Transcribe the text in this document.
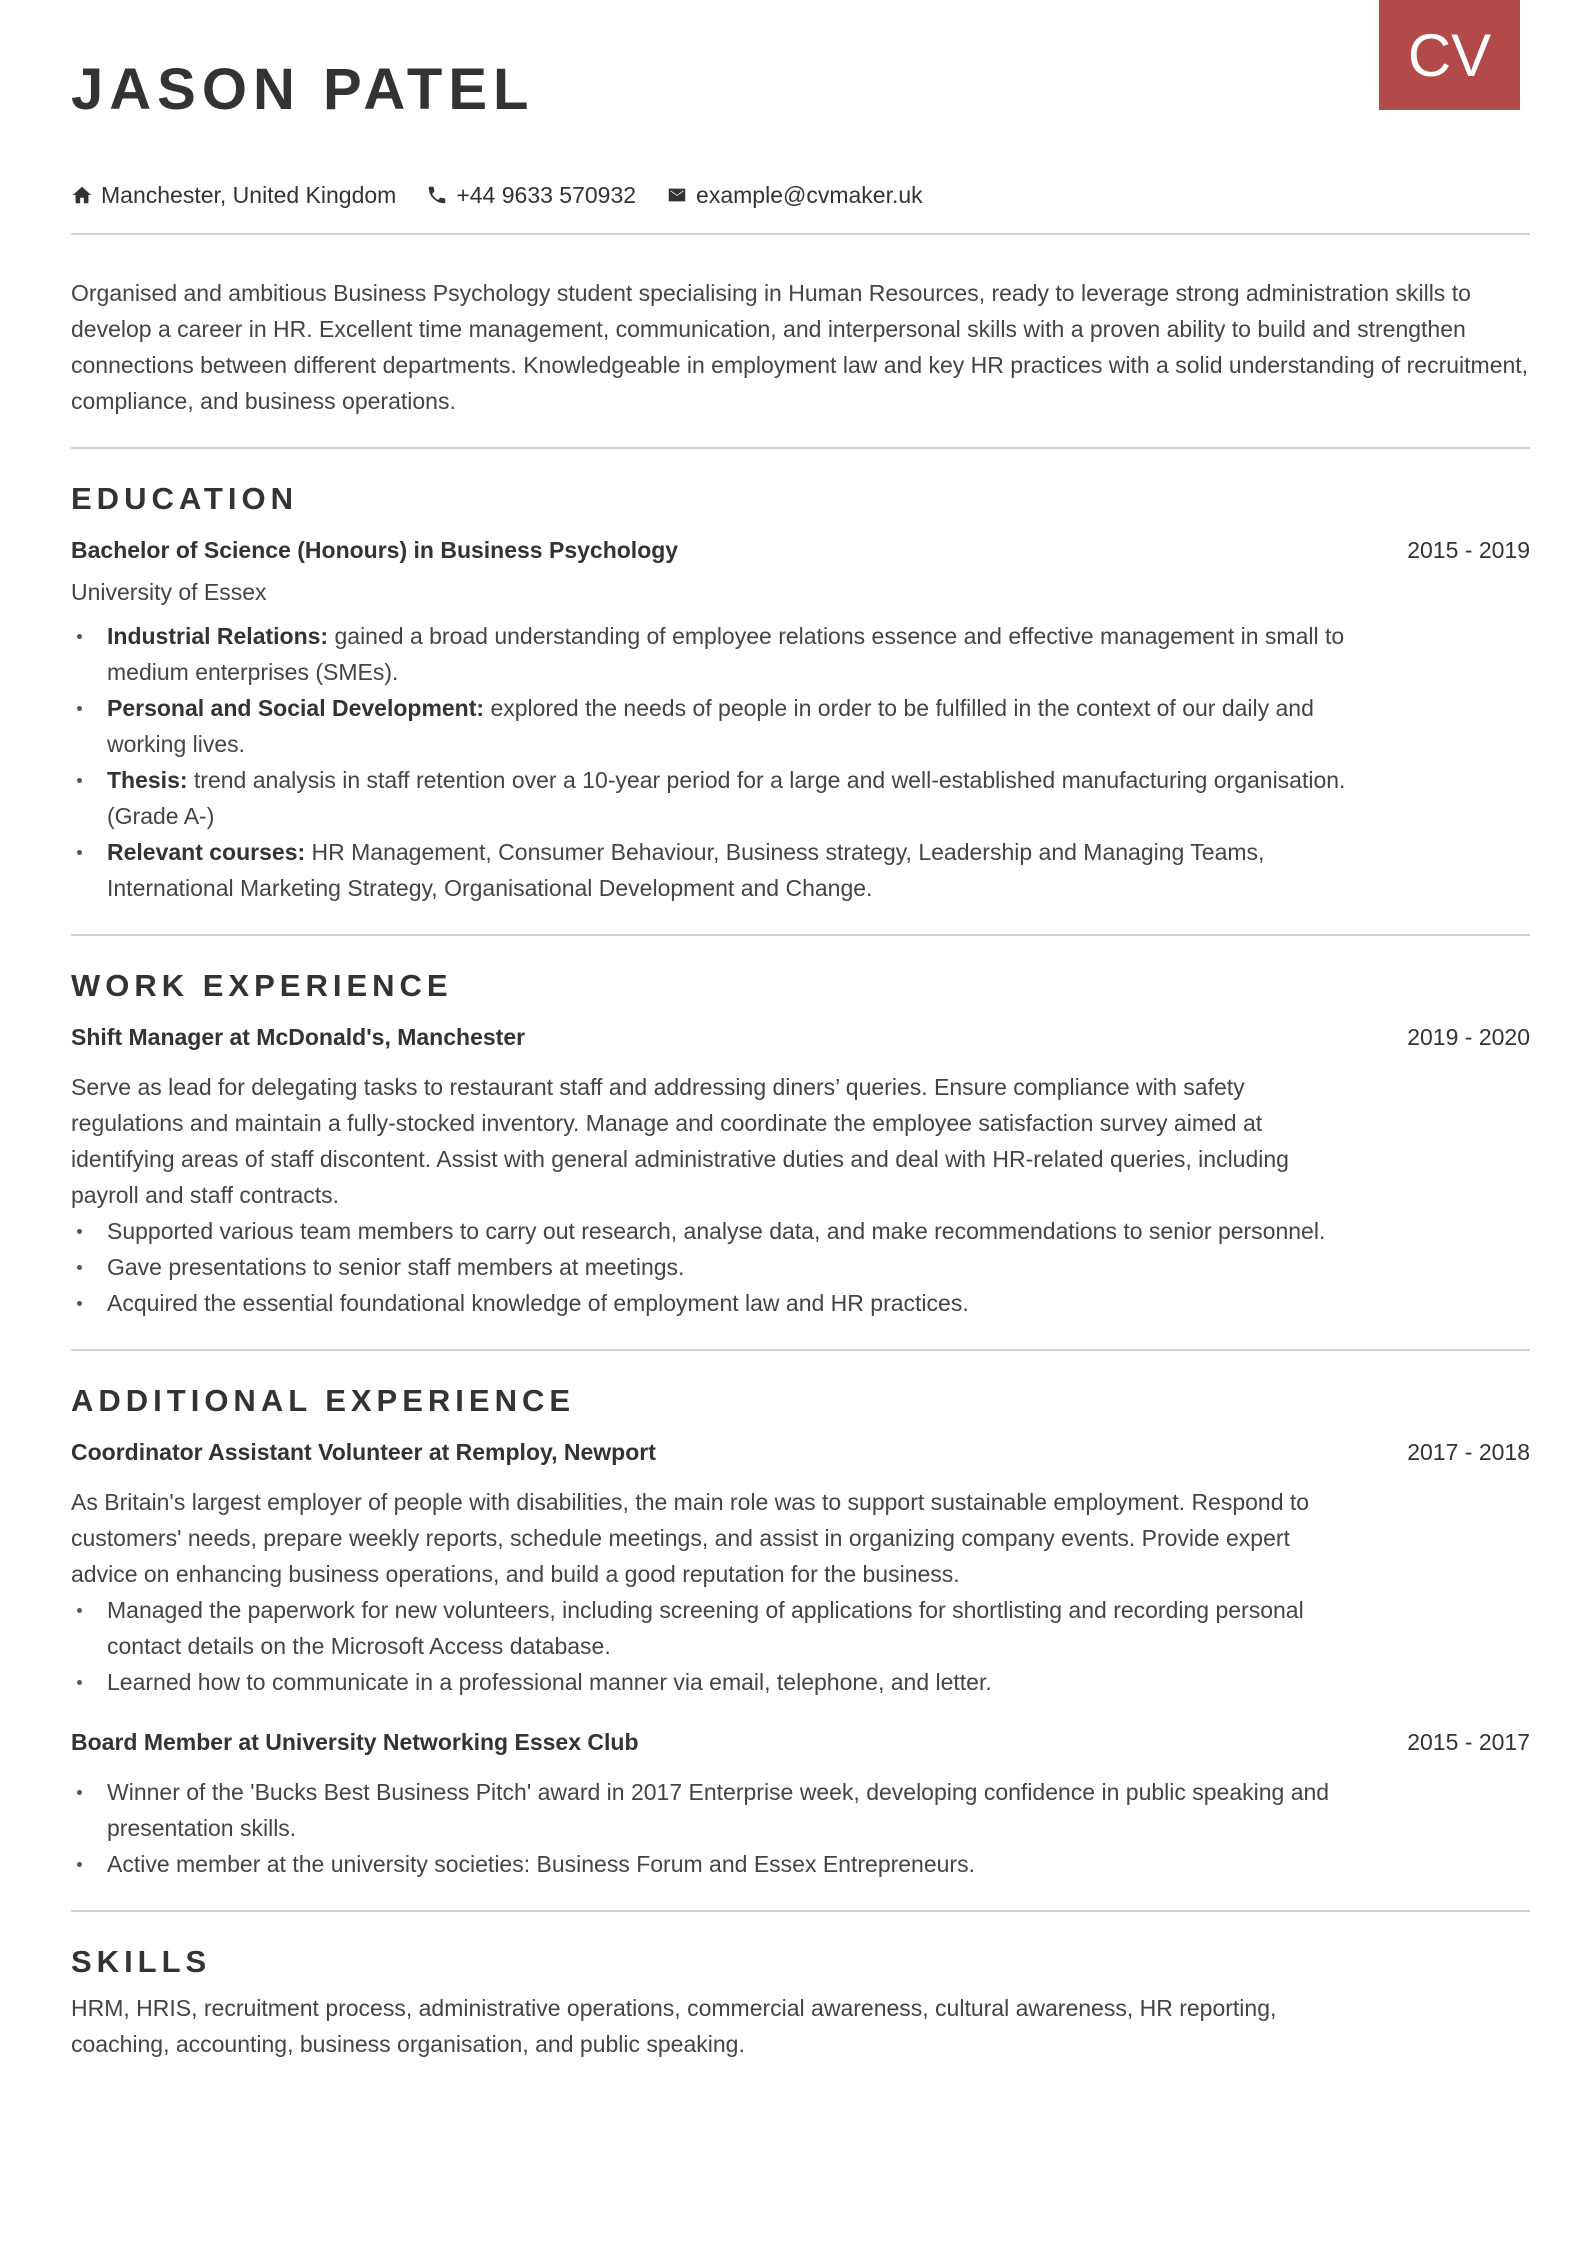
CV
JASON PATEL
Manchester, United Kingdom	+44 9633 570932	example@cvmaker.uk

Organised and ambitious Business Psychology student specialising in Human Resources, ready to leverage strong administration skills to develop a career in HR. Excellent time management, communication, and interpersonal skills with a proven ability to build and strengthen connections between different departments. Knowledgeable in employment law and key HR practices with a solid understanding of recruitment, compliance, and business operations.

EDUCATION
Bachelor of Science (Honours) in Business Psychology	2015 - 2019
University of Essex
Industrial Relations: gained a broad understanding of employee relations essence and effective management in small to medium enterprises (SMEs).
Personal and Social Development: explored the needs of people in order to be fulfilled in the context of our daily and working lives.
Thesis: trend analysis in staff retention over a 10-year period for a large and well-established manufacturing organisation. (Grade A-)
Relevant courses: HR Management, Consumer Behaviour, Business strategy, Leadership and Managing Teams, International Marketing Strategy, Organisational Development and Change.
WORK EXPERIENCE
Shift Manager at McDonald's, Manchester	2019 - 2020
Serve as lead for delegating tasks to restaurant staff and addressing diners’ queries. Ensure compliance with safety regulations and maintain a fully-stocked inventory. Manage and coordinate the employee satisfaction survey aimed at identifying areas of staff discontent. Assist with general administrative duties and deal with HR-related queries, including payroll and staff contracts.
Supported various team members to carry out research, analyse data, and make recommendations to senior personnel.
Gave presentations to senior staff members at meetings.
Acquired the essential foundational knowledge of employment law and HR practices.
ADDITIONAL EXPERIENCE
Coordinator Assistant Volunteer at Remploy, Newport	2017 - 2018
As Britain's largest employer of people with disabilities, the main role was to support sustainable employment. Respond to customers' needs, prepare weekly reports, schedule meetings, and assist in organizing company events. Provide expert advice on enhancing business operations, and build a good reputation for the business.
Managed the paperwork for new volunteers, including screening of applications for shortlisting and recording personal contact details on the Microsoft Access database.
Learned how to communicate in a professional manner via email, telephone, and letter.
Board Member at University Networking Essex Club	2015 - 2017
Winner of the 'Bucks Best Business Pitch' award in 2017 Enterprise week, developing confidence in public speaking and presentation skills.
Active member at the university societies: Business Forum and Essex Entrepreneurs.
SKILLS
HRM, HRIS, recruitment process, administrative operations, commercial awareness, cultural awareness, HR reporting, coaching, accounting, business organisation, and public speaking.
